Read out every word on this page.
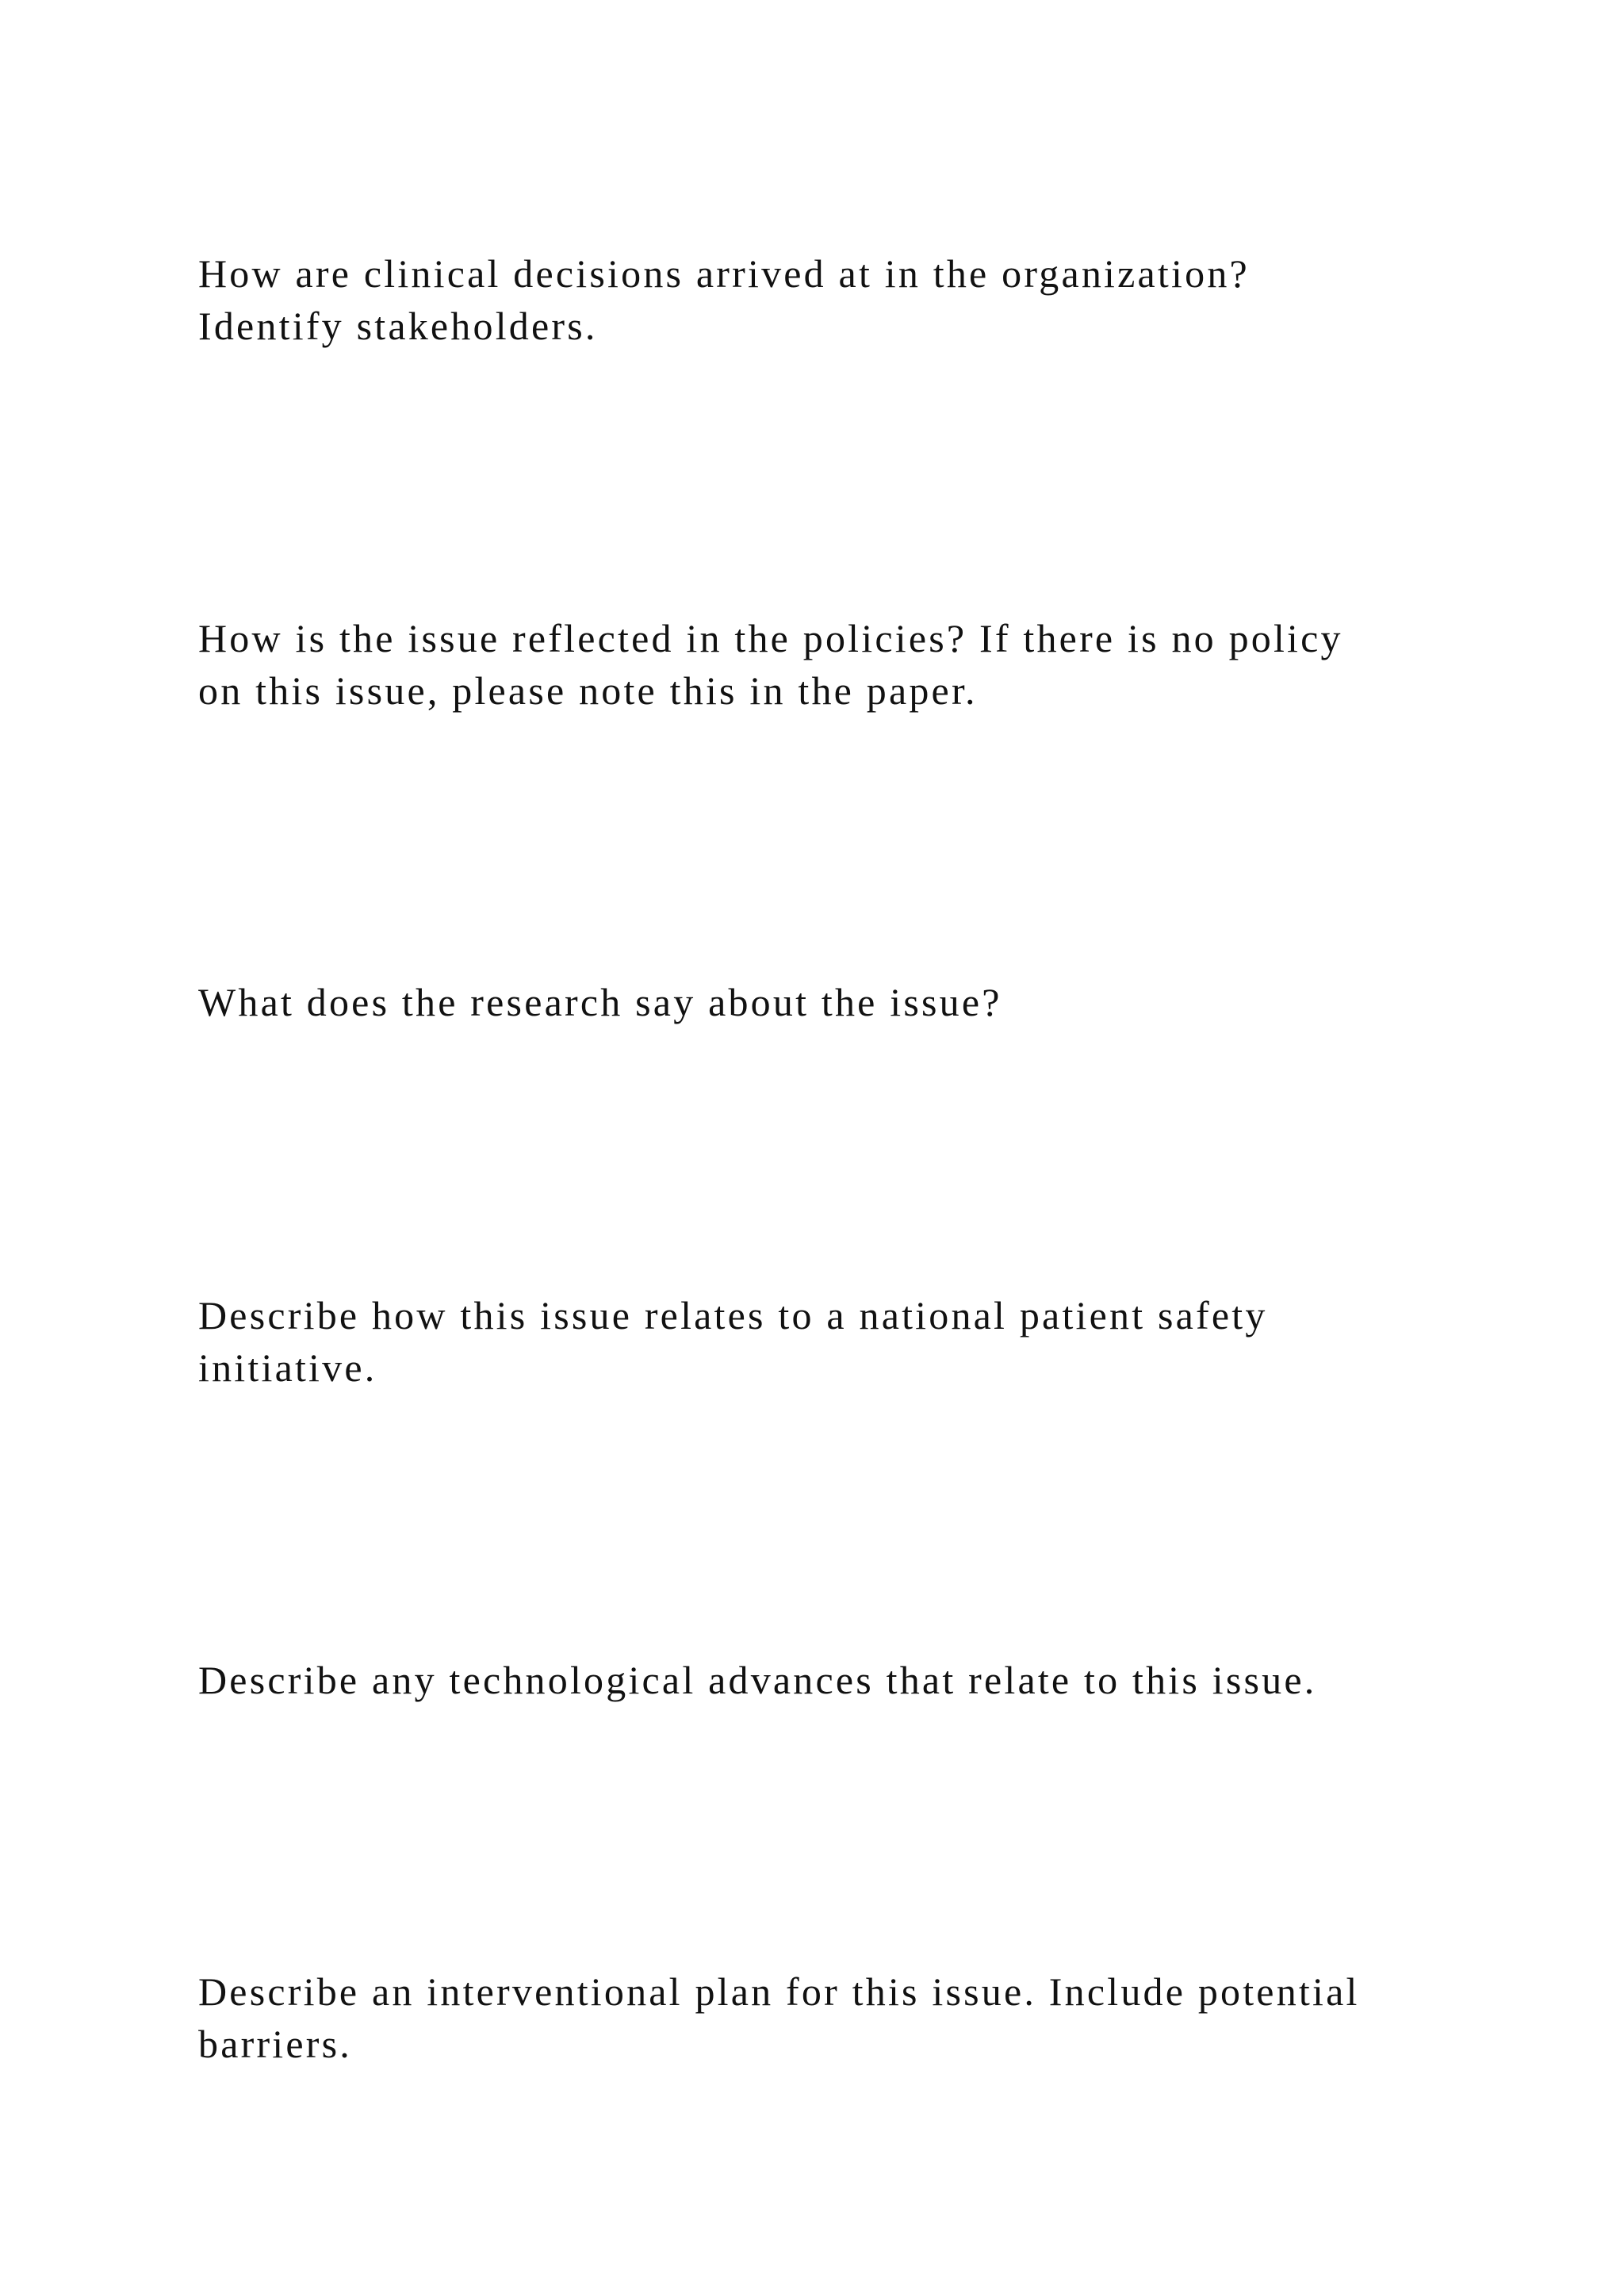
How are clinical decisions arrived at in the organization?
Identify stakeholders.

How is the issue reflected in the policies? If there is no policy
on this issue, please note this in the paper.

What does the research say about the issue?

Describe how this issue relates to a national patient safety
initiative.

Describe any technological advances that relate to this issue.

Describe an interventional plan for this issue. Include potential
barriers.
